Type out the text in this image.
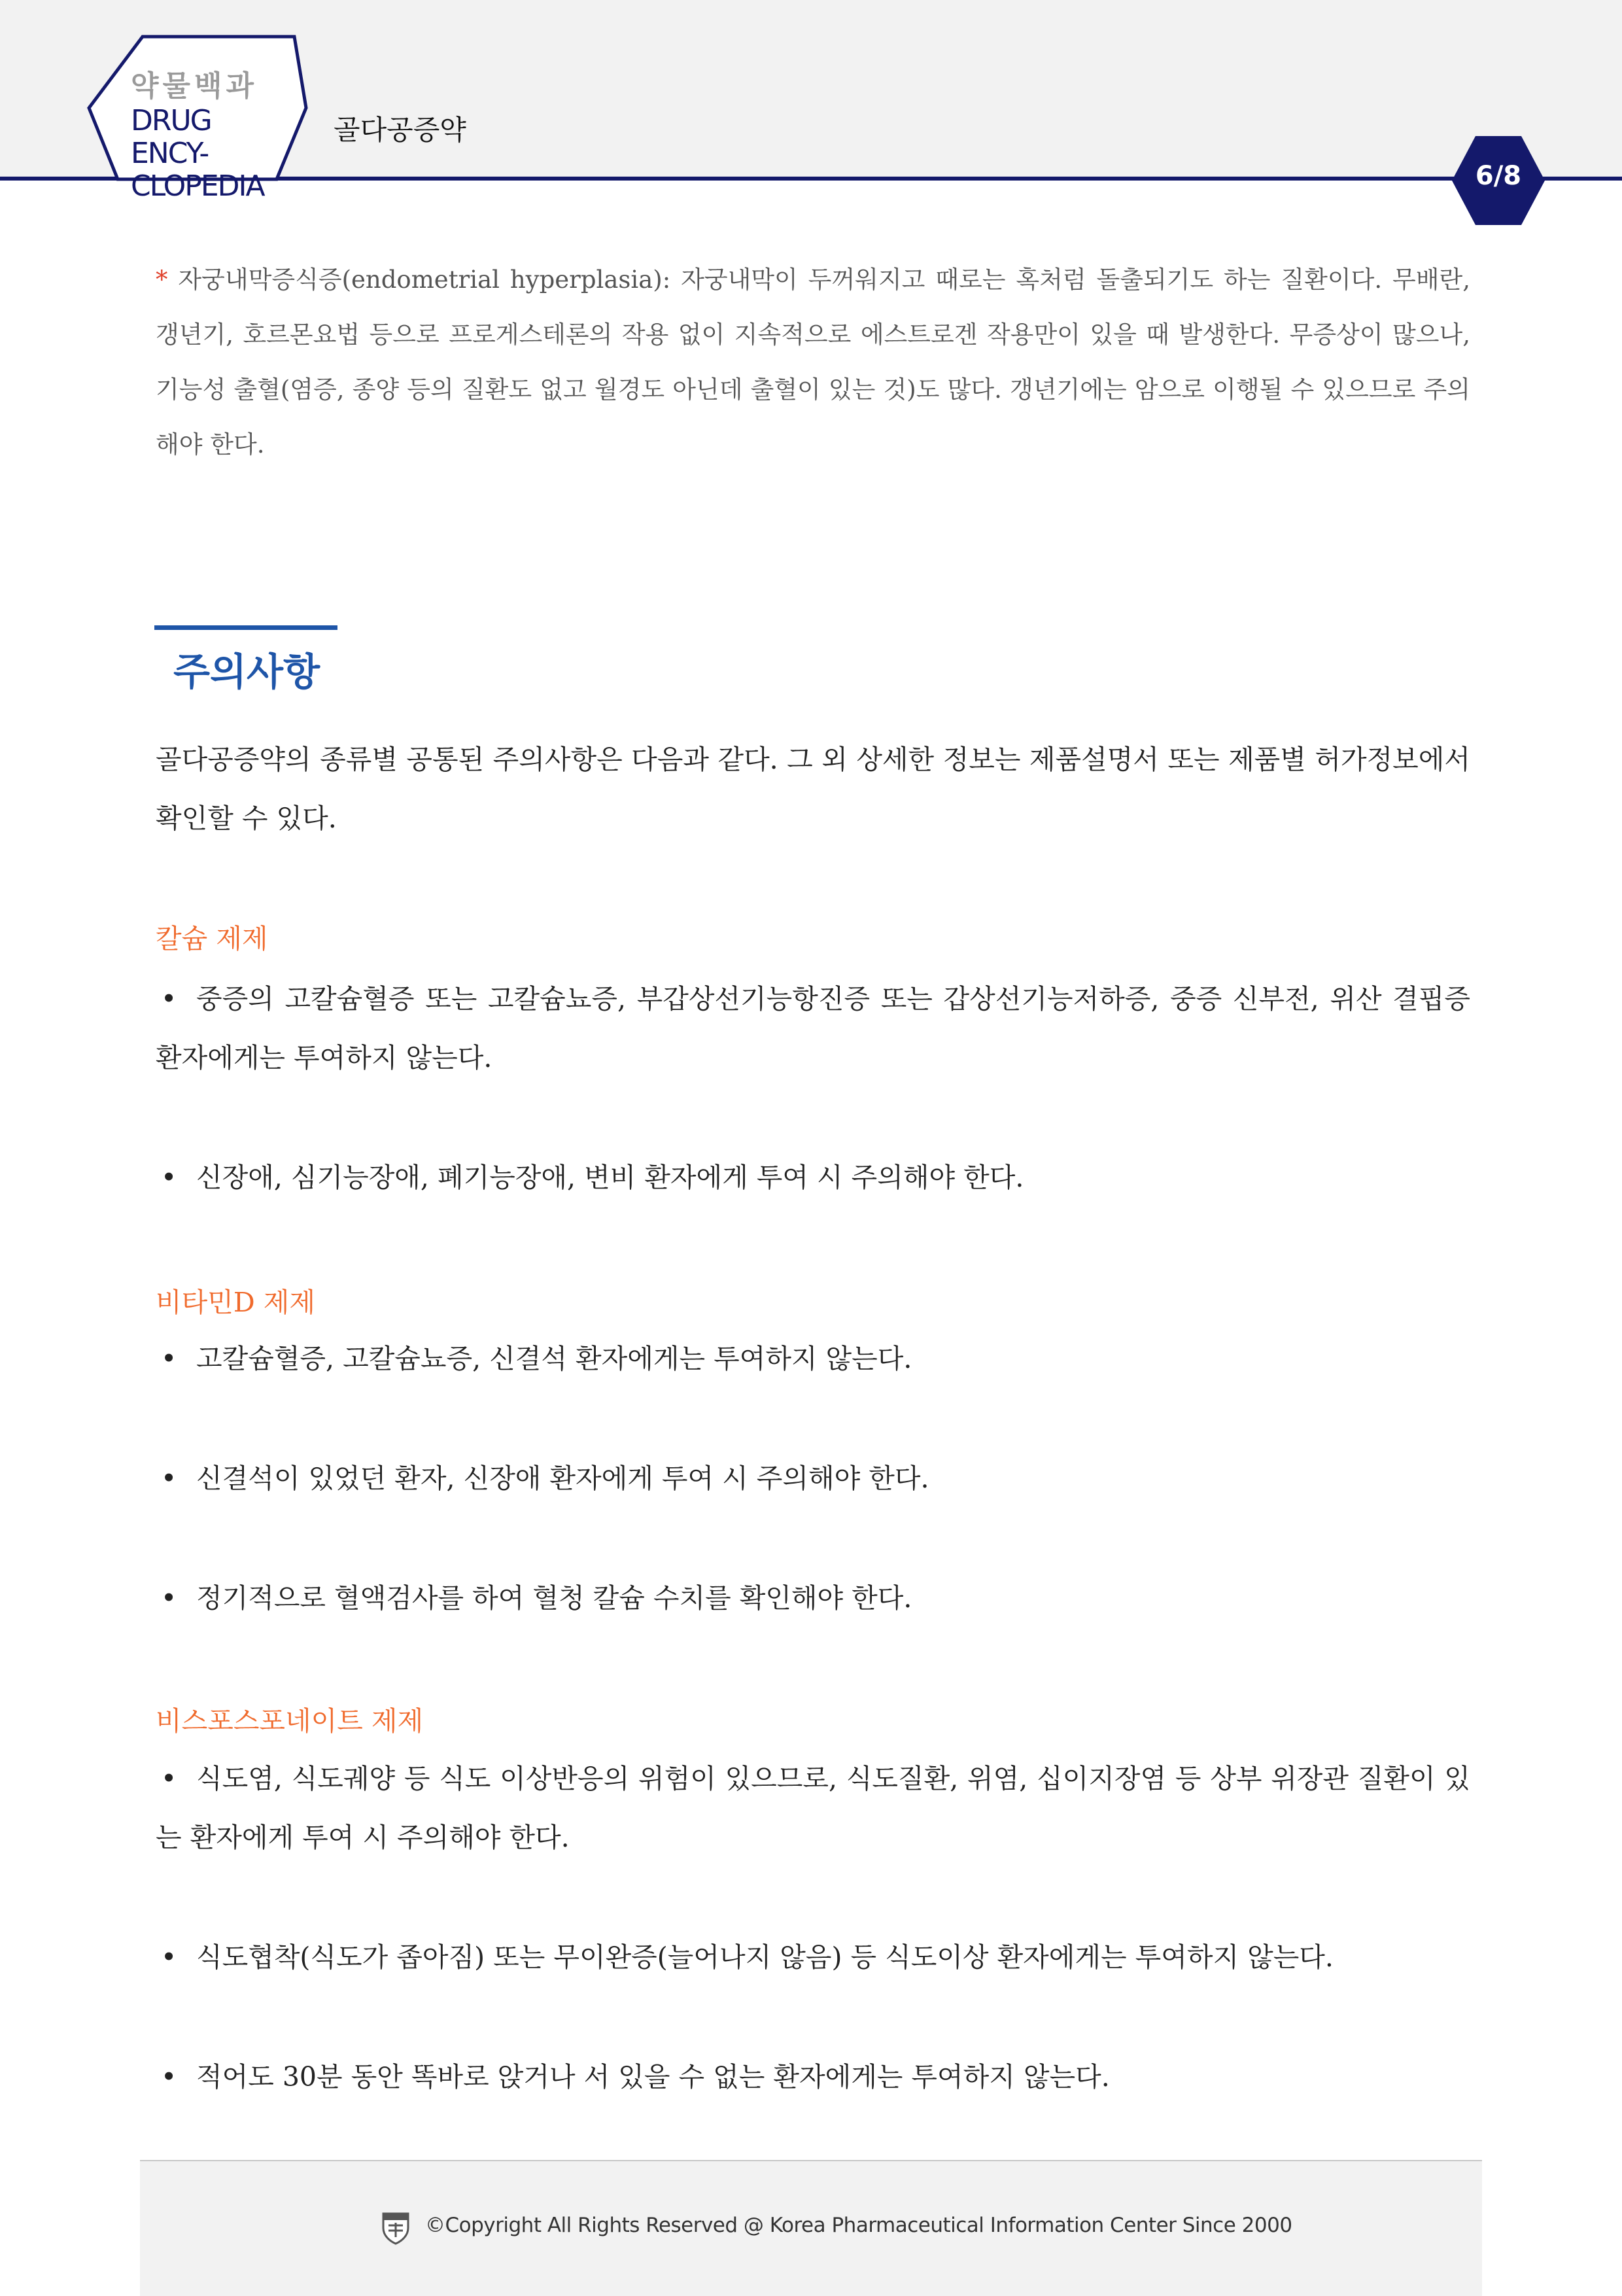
약물백과
DRUG ENCY-
CLOPEDIA
골다공증약
6/8
* 자궁내막증식증(endometrial hyperplasia): 자궁내막이 두꺼워지고 때로는 혹처럼 돌출되기도 하는 질환이다. 무배란, 갱년기, 호르몬요법 등으로 프로게스테론의 작용 없이 지속적으로 에스트로겐 작용만이 있을 때 발생한다. 무증상이 많으나, 기능성 출혈(염증, 종양 등의 질환도 없고 월경도 아닌데 출혈이 있는 것)도 많다. 갱년기에는 암으로 이행될 수 있으므로 주의해야 한다.
주의사항
골다공증약의 종류별 공통된 주의사항은 다음과 같다. 그 외 상세한 정보는 제품설명서 또는 제품별 허가정보에서 확인할 수 있다.
칼슘 제제
• 중증의 고칼슘혈증 또는 고칼슘뇨증, 부갑상선기능항진증 또는 갑상선기능저하증, 중증 신부전, 위산 결핍증 환자에게는 투여하지 않는다.
• 신장애, 심기능장애, 폐기능장애, 변비 환자에게 투여 시 주의해야 한다.
비타민D 제제
• 고칼슘혈증, 고칼슘뇨증, 신결석 환자에게는 투여하지 않는다.
• 신결석이 있었던 환자, 신장애 환자에게 투여 시 주의해야 한다.
• 정기적으로 혈액검사를 하여 혈청 칼슘 수치를 확인해야 한다.
비스포스포네이트 제제
• 식도염, 식도궤양 등 식도 이상반응의 위험이 있으므로, 식도질환, 위염, 십이지장염 등 상부 위장관 질환이 있는 환자에게 투여 시 주의해야 한다.
• 식도협착(식도가 좁아짐) 또는 무이완증(늘어나지 않음) 등 식도이상 환자에게는 투여하지 않는다.
• 적어도 30분 동안 똑바로 앉거나 서 있을 수 없는 환자에게는 투여하지 않는다.
©Copyright All Rights Reserved @ Korea Pharmaceutical Information Center Since 2000
